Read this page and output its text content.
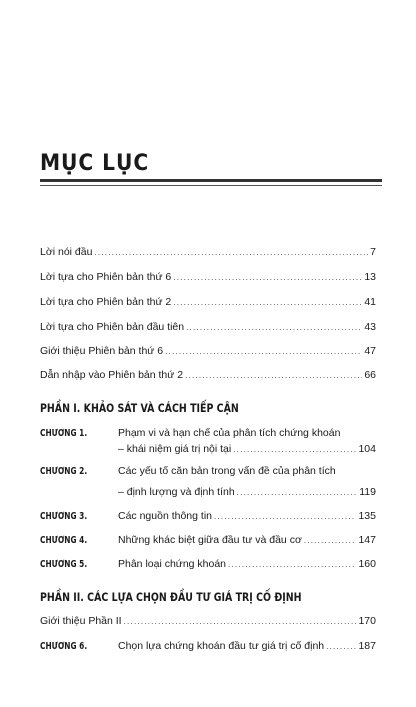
MỤC LỤC
Lời nói đầu . . .	7
Lời tựa cho Phiên bản thứ 6 . . .	13
Lời tựa cho Phiên bản thứ 2 . . .	41
Lời tựa cho Phiên bản đầu tiên . . .	43
Giới thiệu Phiên bản thứ 6 . . .	47
Dẫn nhập vào Phiên bản thứ 2 . . .	66
PHẦN I. KHẢO SÁT VÀ CÁCH TIẾP CẬN
CHƯƠNG 1.	Phạm vi và hạn chế của phân tích chứng khoán
– khái niệm giá trị nội tại . . .	104
CHƯƠNG 2.	Các yếu tố căn bản trong vấn đề của phân tích
– định lượng và định tính . . .	119
CHƯƠNG 3.	Các nguồn thông tin . . .	135
CHƯƠNG 4.	Những khác biệt giữa đầu tư và đầu cơ . . .	147
CHƯƠNG 5.	Phân loại chứng khoán . . .	160
PHẦN II. CÁC LỰA CHỌN ĐẦU TƯ GIÁ TRỊ CỐ ĐỊNH
Giới thiệu Phần II . . .	170
CHƯƠNG 6.	Chọn lựa chứng khoán đầu tư giá trị cố định . . .	187
